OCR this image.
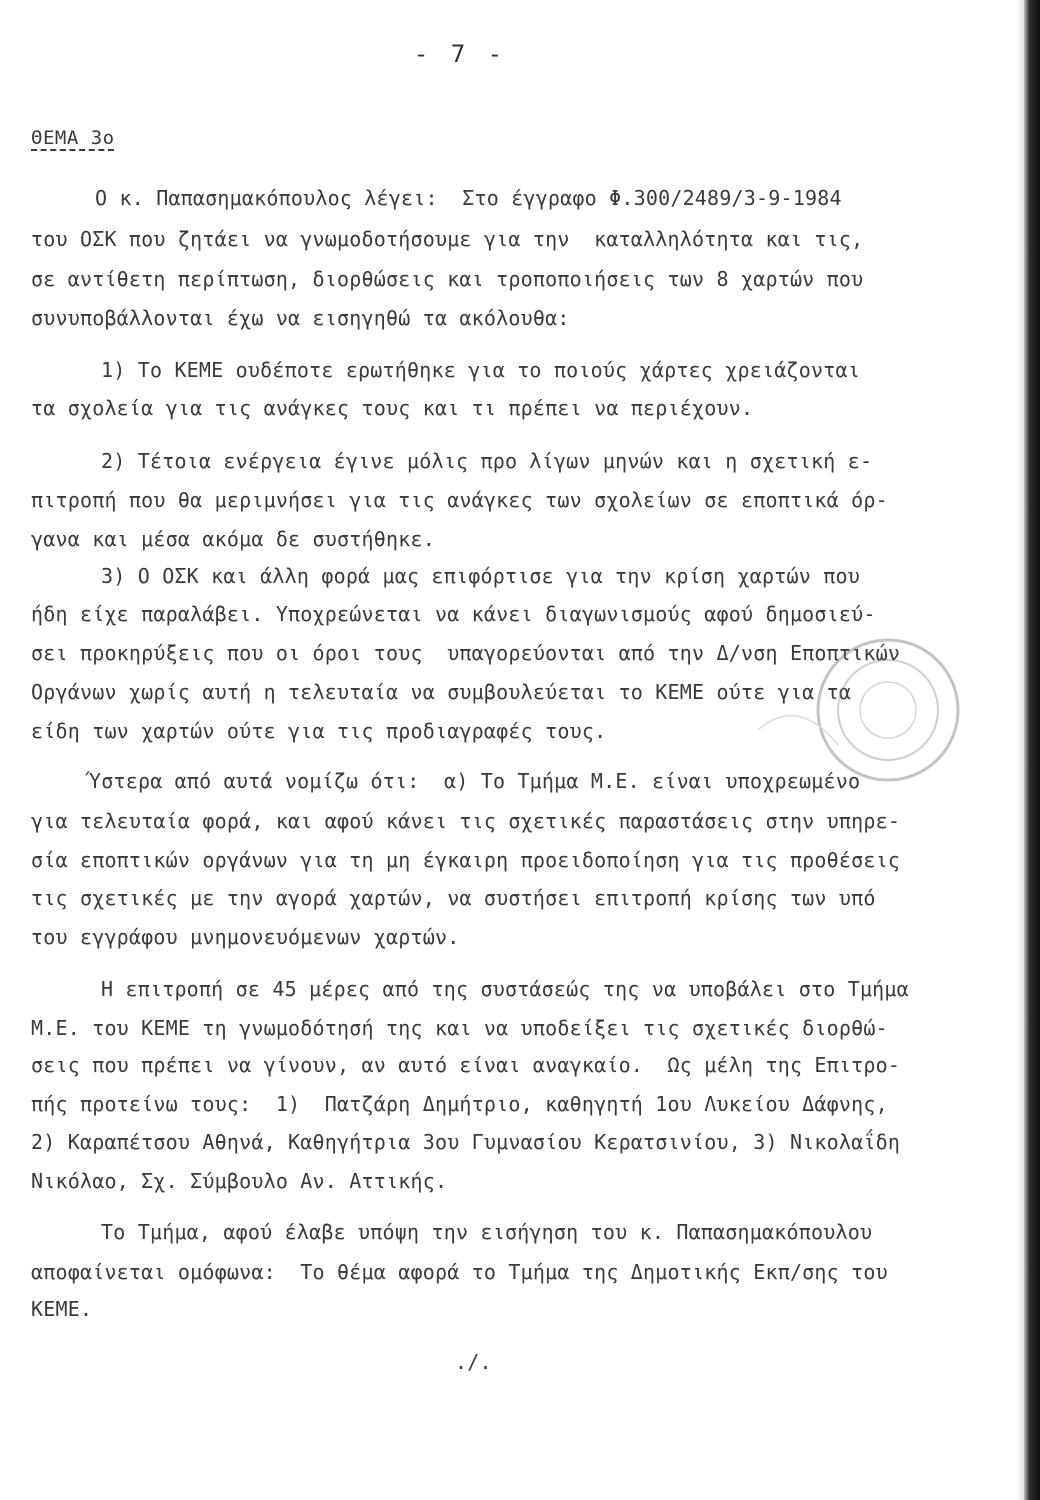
- 7 -
ΘΕΜΑ 3ο
Ο κ. Παπασημακόπουλος λέγει:  Στο έγγραφο Φ.300/2489/3-9-1984
του ΟΣΚ που ζητάει να γνωμοδοτήσουμε για την  καταλληλότητα και τις,
σε αντίθετη περίπτωση, διορθώσεις και τροποποιήσεις των 8 χαρτών που
συνυποβάλλονται έχω να εισηγηθώ τα ακόλουθα:
1) Το ΚΕΜΕ ουδέποτε ερωτήθηκε για το ποιούς χάρτες χρειάζονται
τα σχολεία για τις ανάγκες τους και τι πρέπει να περιέχουν.
2) Τέτοια ενέργεια έγινε μόλις προ λίγων μηνών και η σχετική ε-
πιτροπή που θα μεριμνήσει για τις ανάγκες των σχολείων σε εποπτικά όρ-
γανα και μέσα ακόμα δε συστήθηκε.
3) Ο ΟΣΚ και άλλη φορά μας επιφόρτισε για την κρίση χαρτών που
ήδη είχε παραλάβει. Υποχρεώνεται να κάνει διαγωνισμούς αφού δημοσιεύ-
σει προκηρύξεις που οι όροι τους  υπαγορεύονται από την Δ/νση Εποπτικών
Οργάνων χωρίς αυτή η τελευταία να συμβουλεύεται το ΚΕΜΕ ούτε για τα
είδη των χαρτών ούτε για τις προδιαγραφές τους.
Ύστερα από αυτά νομίζω ότι:  α) Το Τμήμα Μ.Ε. είναι υποχρεωμένο
για τελευταία φορά, και αφού κάνει τις σχετικές παραστάσεις στην υπηρε-
σία εποπτικών οργάνων για τη μη έγκαιρη προειδοποίηση για τις προθέσεις
τις σχετικές με την αγορά χαρτών, να συστήσει επιτροπή κρίσης των υπό
του εγγράφου μνημονευόμενων χαρτών.
Η επιτροπή σε 45 μέρες από της συστάσεώς της να υποβάλει στο Τμήμα
Μ.Ε. του ΚΕΜΕ τη γνωμοδότησή της και να υποδείξει τις σχετικές διορθώ-
σεις που πρέπει να γίνουν, αν αυτό είναι αναγκαίο.  Ως μέλη της Επιτρο-
πής προτείνω τους:  1)  Πατζάρη Δημήτριο, καθηγητή 1ου Λυκείου Δάφνης,
2) Καραπέτσου Αθηνά, Καθηγήτρια 3ου Γυμνασίου Κερατσινίου, 3) Νικολαΐδη
Νικόλαο, Σχ. Σύμβουλο Αν. Αττικής.
Το Τμήμα, αφού έλαβε υπόψη την εισήγηση του κ. Παπασημακόπουλου
αποφαίνεται ομόφωνα:  Το θέμα αφορά το Τμήμα της Δημοτικής Εκπ/σης του
ΚΕΜΕ.
./.
